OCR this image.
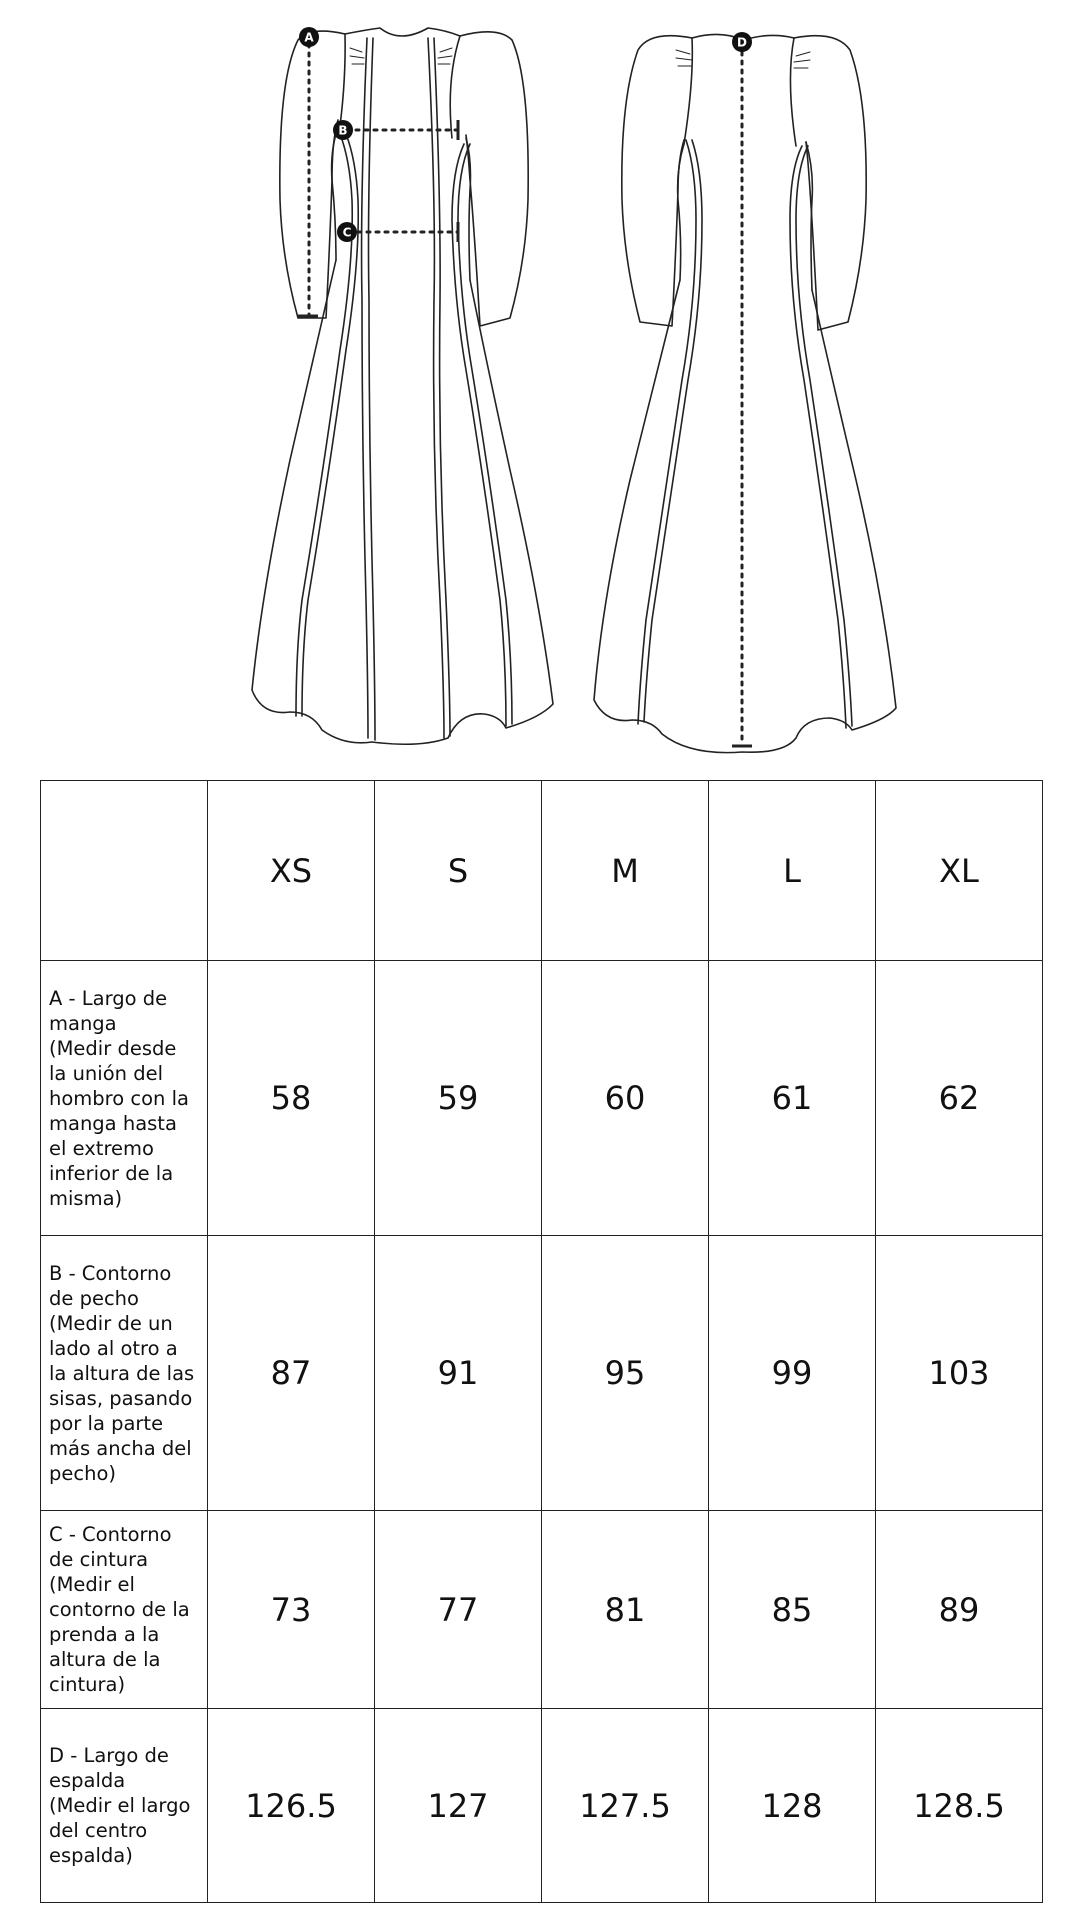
A
B
C
D
	XS	S	M	L	XL

A - Largo de manga
(Medir desde la unión del hombro con la manga hasta el extremo inferior de la misma)	58	59	60	61	62

B - Contorno de pecho
(Medir de un lado al otro a la altura de las sisas, pasando por la parte más ancha del pecho)	87	91	95	99	103

C - Contorno de cintura
(Medir el contorno de la prenda a la altura de la cintura)	73	77	81	85	89

D - Largo de espalda
(Medir el largo del centro espalda)	126.5	127	127.5	128	128.5
